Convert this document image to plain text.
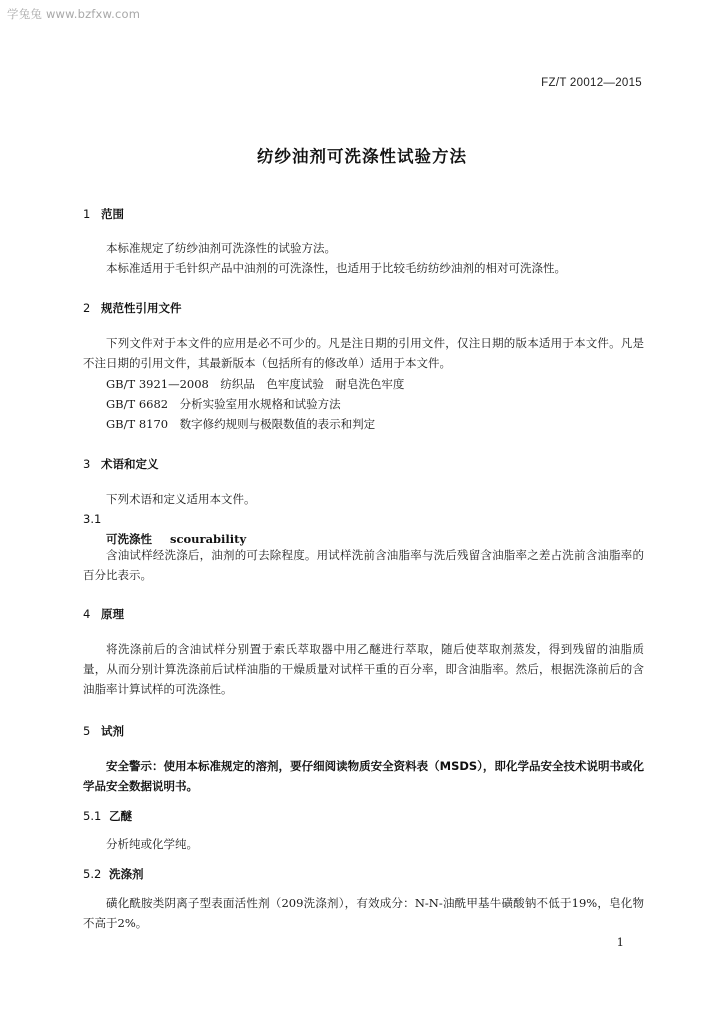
学兔兔 www.bzfxw.com
FZ/T 20012—2015
纺纱油剂可洗涤性试验方法
1 范围
本标准规定了纺纱油剂可洗涤性的试验方法。
本标准适用于毛针织产品中油剂的可洗涤性，也适用于比较毛纺纺纱油剂的相对可洗涤性。
2 规范性引用文件
下列文件对于本文件的应用是必不可少的。凡是注日期的引用文件，仅注日期的版本适用于本文件。凡是不注日期的引用文件，其最新版本（包括所有的修改单）适用于本文件。
GB/T 3921—2008　纺织品　色牢度试验　耐皂洗色牢度
GB/T 6682　分析实验室用水规格和试验方法
GB/T 8170　数字修约规则与极限数值的表示和判定
3 术语和定义
下列术语和定义适用本文件。
3.1
可洗涤性 scourability
含油试样经洗涤后，油剂的可去除程度。用试样洗前含油脂率与洗后残留含油脂率之差占洗前含油脂率的百分比表示。
4 原理
将洗涤前后的含油试样分别置于索氏萃取器中用乙醚进行萃取，随后使萃取剂蒸发，得到残留的油脂质量，从而分别计算洗涤前后试样油脂的干燥质量对试样干重的百分率，即含油脂率。然后，根据洗涤前后的含油脂率计算试样的可洗涤性。
5 试剂
安全警示：使用本标准规定的溶剂，要仔细阅读物质安全资料表（MSDS），即化学品安全技术说明书或化学品安全数据说明书。
5.1 乙醚
分析纯或化学纯。
5.2 洗涤剂
磺化酰胺类阴离子型表面活性剂（209洗涤剂），有效成分：N-N-油酰甲基牛磺酸钠不低于19%，皂化物不高于2%。
1
